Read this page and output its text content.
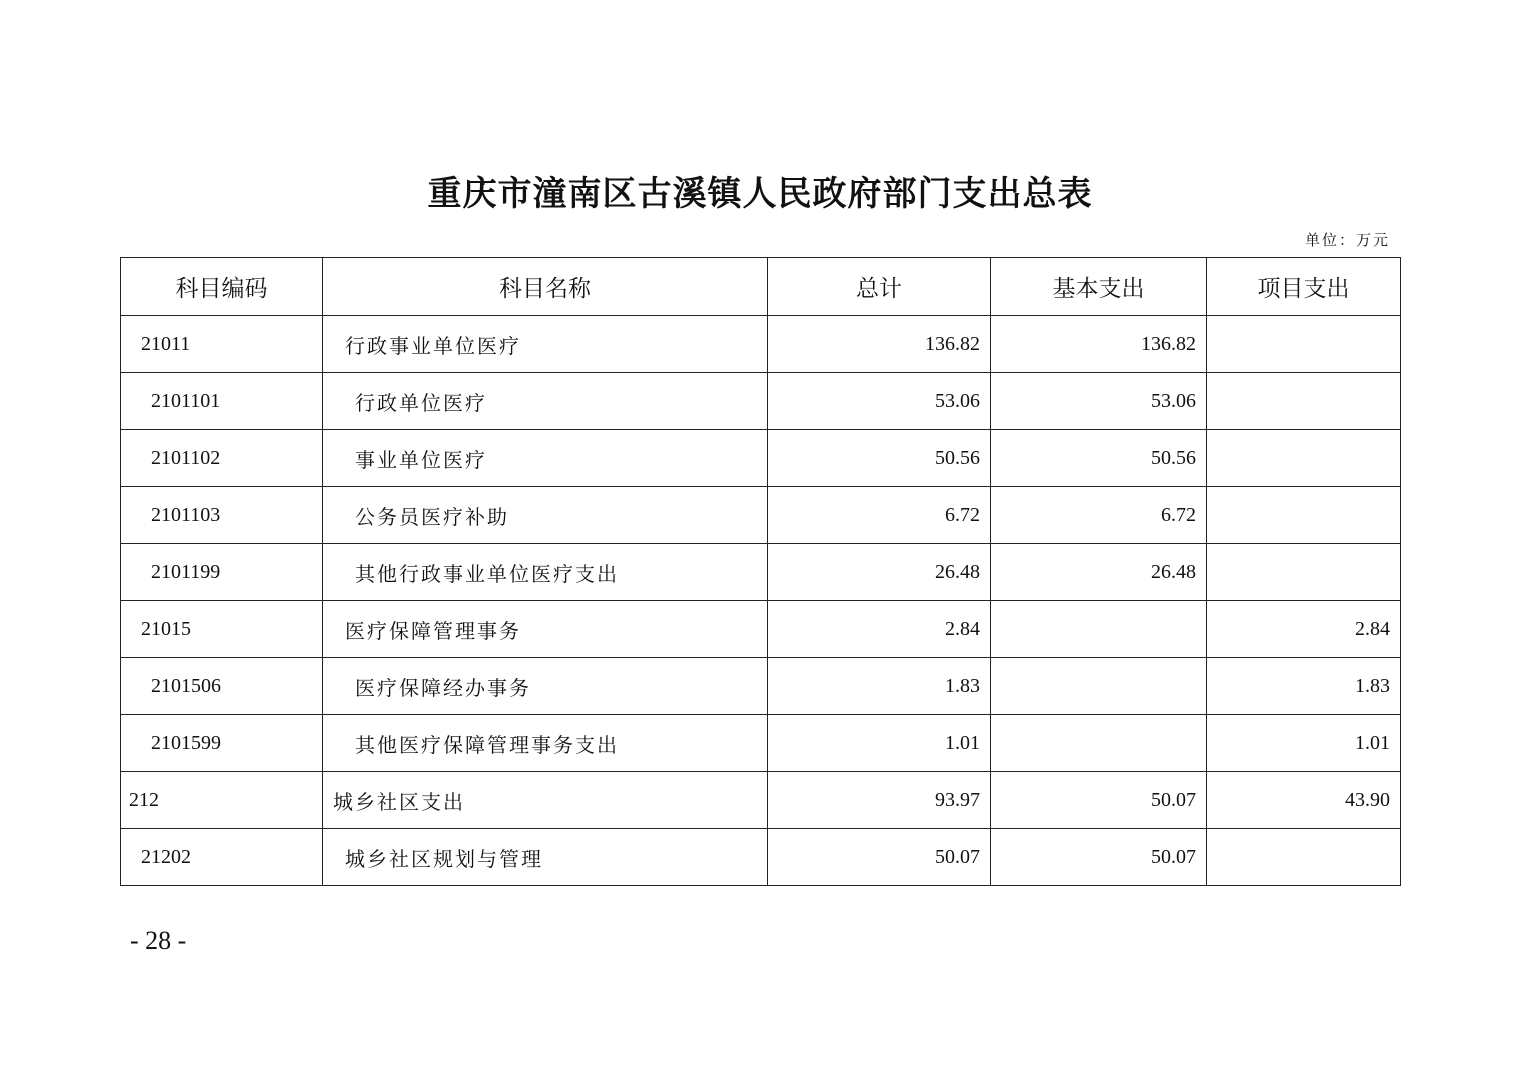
重庆市潼南区古溪镇人民政府部门支出总表
单位：万元
科目编码	科目名称	总计	基本支出	项目支出
21011	行政事业单位医疗	136.82	136.82	
2101101	行政单位医疗	53.06	53.06	
2101102	事业单位医疗	50.56	50.56	
2101103	公务员医疗补助	6.72	6.72	
2101199	其他行政事业单位医疗支出	26.48	26.48	
21015	医疗保障管理事务	2.84		2.84
2101506	医疗保障经办事务	1.83		1.83
2101599	其他医疗保障管理事务支出	1.01		1.01
212	城乡社区支出	93.97	50.07	43.90
21202	城乡社区规划与管理	50.07	50.07	
- 28 -
